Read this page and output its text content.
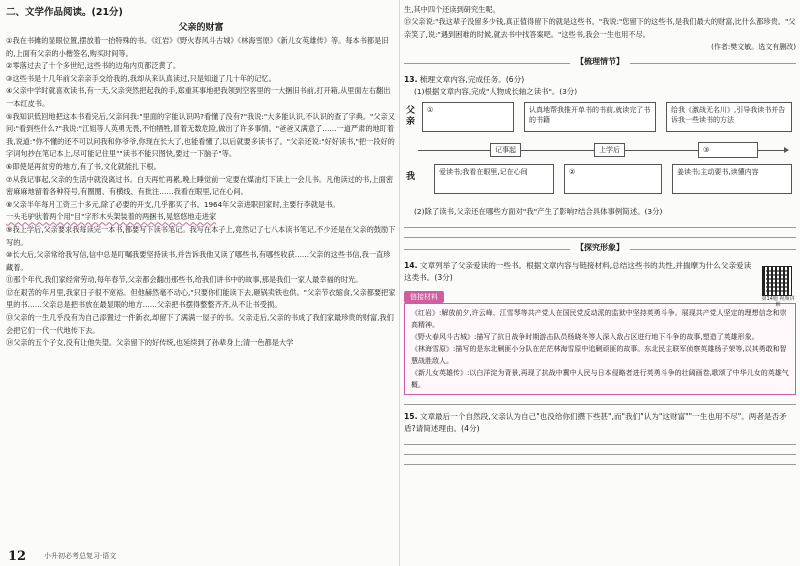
二、文学作品阅读。(21分)
父亲的财富

①我在书摊的显眼位置,摆放着一抬特殊的书。《红岩》《野火春风斗古城》《林海雪原》《新儿女英雄传》等。每本书都是旧的,上面有父亲的小楷签名,购买时间等。

②零落过去了十个多世纪,这些书的边角内页都泛黄了。

③这些书是十几年前父亲亲手交给我的,我却从来认真读过,只是知道了几十年的记忆。

④父亲中学时就喜欢读书,有一天,父亲突然把起我的手,郑重其事地把我领到空客里的一大捆旧书前,打开箱,从里面左右翻出一本红皮书。

⑤我知识低回地把这本书看完后,父亲问我:"里面的字能认识吗?看懂了没有?"我说:"大多能认识,不认识的查了字典。"父亲又问:"看到些什么?"我说:"江姐等人英勇无畏,不怕牺牲,冒着无数危险,做出了许多事情。"爸爸又满意了……一道严肃的地盯着我,说道:"你不懂的还不可以问我和你爷爷,你现在长大了,也能看懂了,以后就要多读书了。"父亲还说:"好好读书,"把一段好的字词句抄在笔记本上,尽可能记住里""读书不能只图快,要过一下脑子"等。

⑥即使是再贫穷的地方,有了书,文化就能扎下根。

⑦从我记事起,父亲的生活中就没离过书。白天再忙再累,晚上睡觉前一定要在煤油灯下读上一会儿书。凡他读过的书,上面密密麻麻地留着各种符号,有圈圈、有横线、有批注……我看在眼里,记在心间。

⑧父亲半年每月工资三十多元,除了必要的开支,几乎都买了书。1964年父亲进职回家时,主要行李就是书。

一头毛驴驮着两个用"目"字形木头架装着的两捆书,晃悠悠地走进家

⑨我上学后,父亲要求我每读完一本书,都要写下读书笔记。我写在本子上,竟然记了七八本读书笔记,不少还是在父亲的鼓励下写的。

⑩长大后,父亲常给我写信,信中总是叮嘱我要坚持读书,并告诉我他又读了哪些书,有哪些收获……父亲的这些书信,我一直珍藏着。

⑪那个年代,我们家经常劳动,每年春节,父亲都会翻出那些书,给我们讲书中的故事,那是我们一家人最幸福的时光。

⑫在艰苦的年月里,我家日子很不宽裕。但他赫然毫不动心,"只要你们能读下去,砸锅卖铁也供。"父亲节衣缩食,父亲都要把家里的书……父亲总是把书放在最显眼的地方……父亲把书摆得整整齐齐,从不让书受损。

⑬父亲的一生几乎没有为自己添置过一件新衣,却留下了满满一屋子的书。父亲走后,父亲的书成了我们家最珍贵的财富,我们会把它们一代一代地传下去。

⑭父亲的五个子女,没有让他失望。父亲留下的好传统,也延续到了孙辈身上;清一色都是大学

12	小升初必考总复习·语文

生,其中四个还读到研究生呢。

⑮父亲说:"我这辈子没留多少钱,真正值得留下的就是这些书。"我说:"您留下的这些书,是我们最大的财富,比什么都珍贵。"父亲笑了,说:"遇到困难的时候,就去书中找答案吧。"这些书,我会一生也用不尽。

(作者:樊文敏。选文有删改)
【梳理情节】

13. 梳理文章内容,完成任务。(6分)

(1)根据文章内容,完成"人物成长轴之读书"。(3分)

父亲
我
①	认真地帮我推开单书的书前,就读完了书的书籍
给我《激战无名川》,引导我读书并告诉我一些读书的方法
记事起	上学后	③
爱读书;我看在眼里,记在心间	②	姜读书;主动要书,读懂内容

(2)除了读书,父亲还在哪些方面对"我"产生了影响?结合具体事例简述。(3分)

【探究形象】

14. 文章列举了父亲爱读的一些书。根据文章内容与链接材料,总结这些书的共性,并揣摩为什么父亲爱读这类书。(3分)

链接材料

《红岩》:解放前夕,许云峰、江雪琴等共产党人在国民党反动派的监狱中坚持英勇斗争。展现共产党人坚定的理想信念和崇高精神。

《野火春风斗古城》:描写了抗日战争时期游击队员杨晓冬等人深入敌占区进行地下斗争的故事,塑造了英雄形象。

《林海雪原》:描写的是东北剿匪小分队在茫茫林海雪原中追剿顽匪的故事。东北民主联军侦察英雄杨子荣等,以其勇敢和智慧战胜敌人。

《新儿女英雄传》:以白洋淀为背景,再现了抗战中冀中人民与日本侵略者进行英勇斗争的壮阔画卷,歌颂了中华儿女的英雄气概。

15. 文章最后一个自然段,父亲认为自己"也没给你们攒下些甚",而"我们"认为"这财富""一生也用不尽"。两者是否矛盾?请简述理由。(4分)

第14题 视频讲解
